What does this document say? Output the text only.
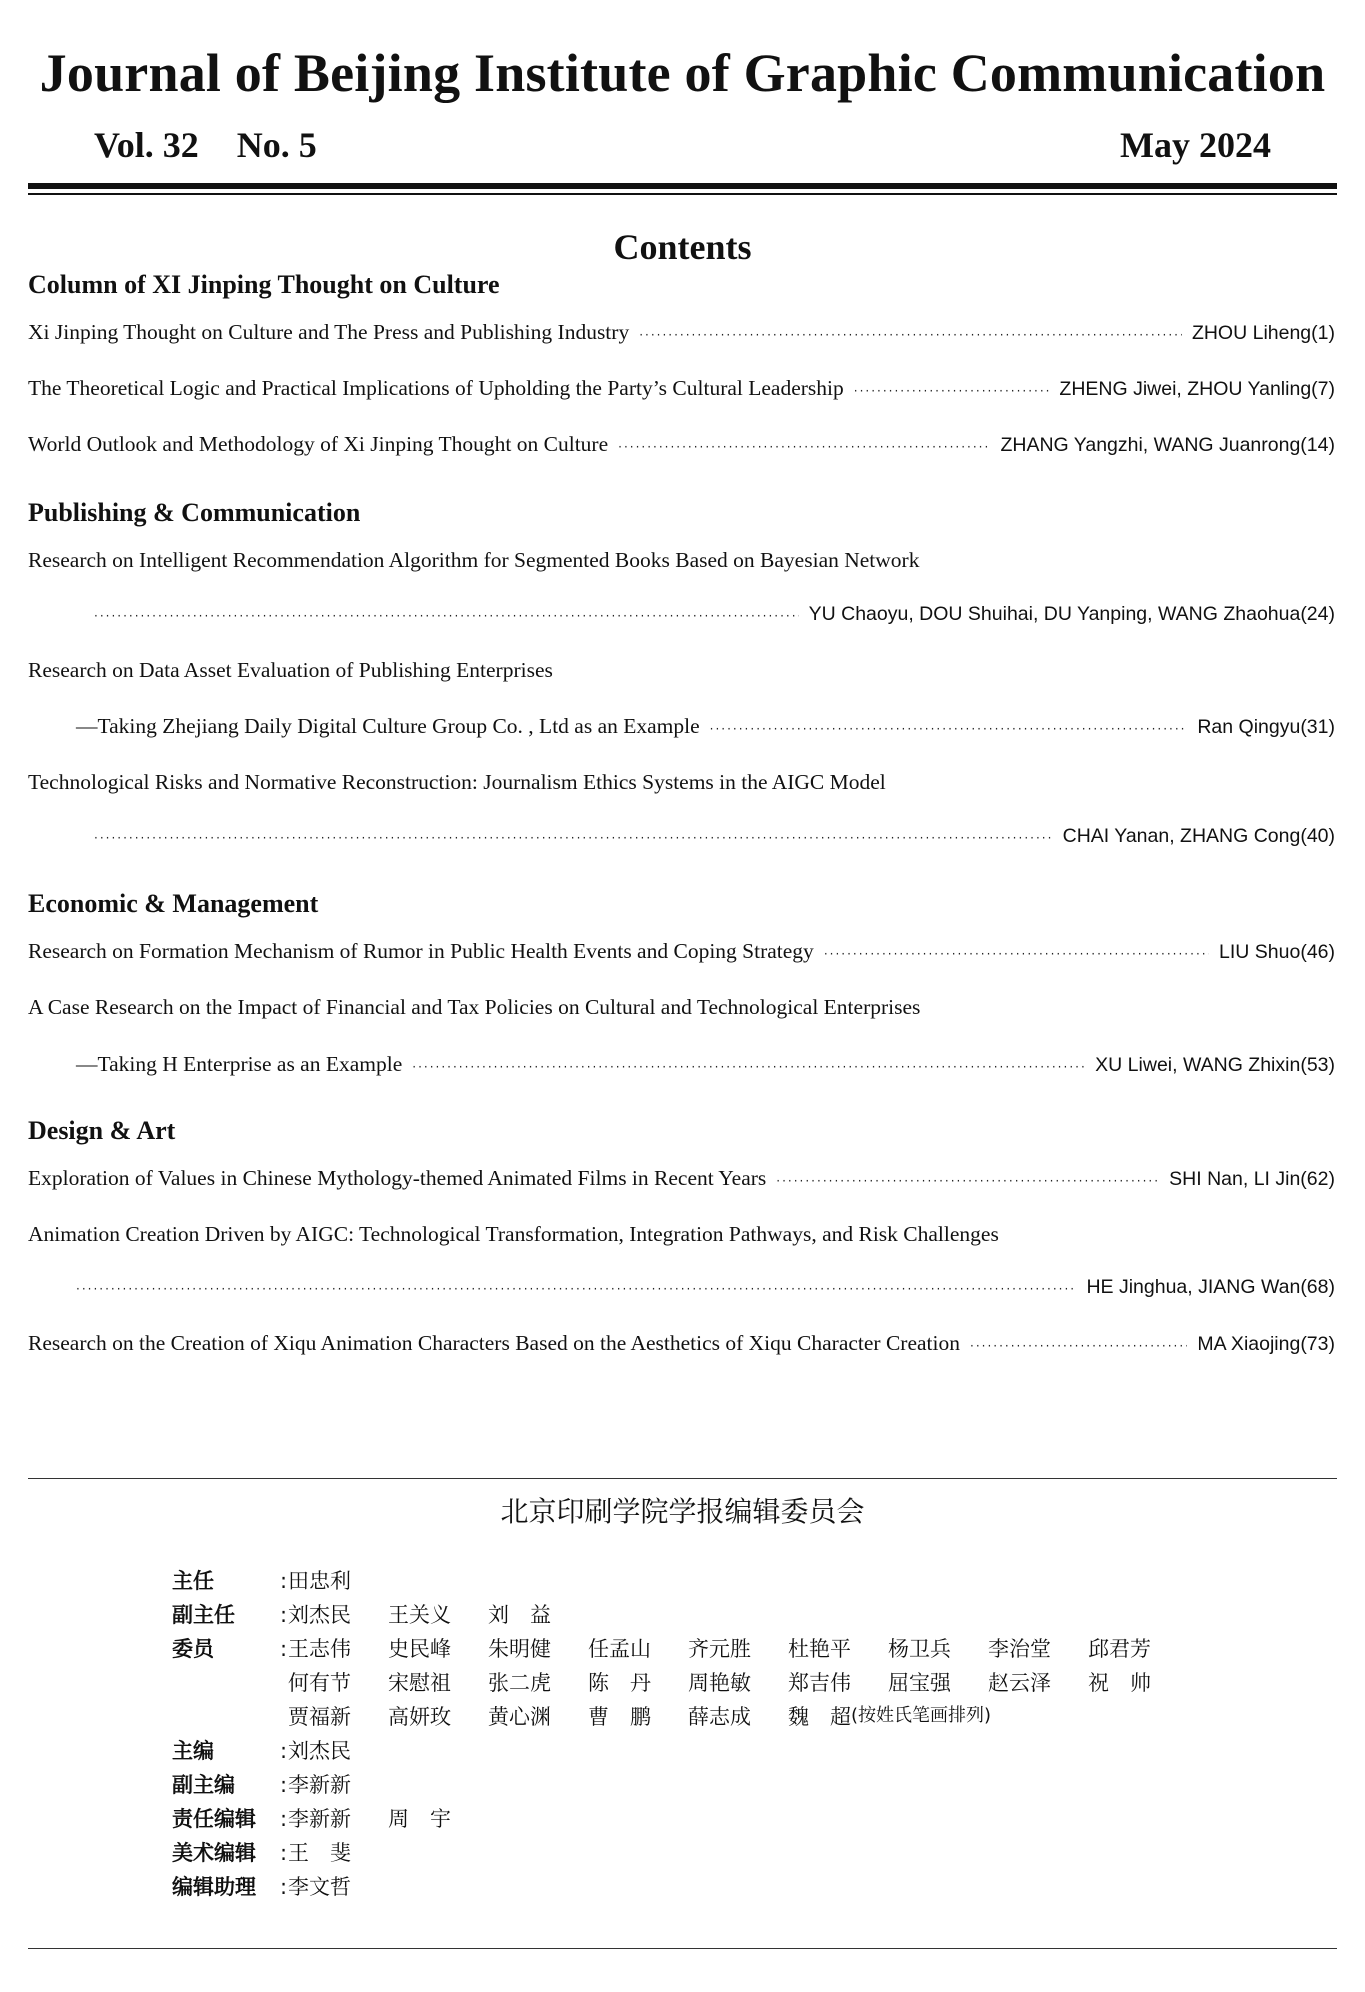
Journal of Beijing Institute of Graphic Communication
Vol. 32 No. 5	May 2024
Contents
Column of XI Jinping Thought on Culture
Xi Jinping Thought on Culture and The Press and Publishing Industry ·····	ZHOU Liheng(1)
The Theoretical Logic and Practical Implications of Upholding the Party’s Cultural Leadership ·····	ZHENG Jiwei, ZHOU Yanling(7)
World Outlook and Methodology of Xi Jinping Thought on Culture ·····	ZHANG Yangzhi, WANG Juanrong(14)
Publishing & Communication
Research on Intelligent Recommendation Algorithm for Segmented Books Based on Bayesian Network
·····
YU Chaoyu, DOU Shuihai, DU Yanping, WANG Zhaohua(24)
Research on Data Asset Evaluation of Publishing Enterprises
—Taking Zhejiang Daily Digital Culture Group Co. , Ltd as an Example ·····	Ran Qingyu(31)
Technological Risks and Normative Reconstruction: Journalism Ethics Systems in the AIGC Model
·····
CHAI Yanan, ZHANG Cong(40)
Economic & Management
Research on Formation Mechanism of Rumor in Public Health Events and Coping Strategy ·····	LIU Shuo(46)
A Case Research on the Impact of Financial and Tax Policies on Cultural and Technological Enterprises
—Taking H Enterprise as an Example ·····	XU Liwei, WANG Zhixin(53)
Design & Art
Exploration of Values in Chinese Mythology-themed Animated Films in Recent Years ·····	SHI Nan, LI Jin(62)
Animation Creation Driven by AIGC: Technological Transformation, Integration Pathways, and Risk Challenges
·····
HE Jinghua, JIANG Wan(68)
Research on the Creation of Xiqu Animation Characters Based on the Aesthetics of Xiqu Character Creation ·····	MA Xiaojing(73)
北京印刷学院学报编辑委员会
主任	: 田忠利
副主任	: 刘杰民	王关义	刘　益
委员	: 王志伟	史民峰	朱明健	任孟山	齐元胜	杜艳平	杨卫兵	李治堂	邱君芳
何有节	宋慰祖	张二虎	陈　丹	周艳敏	郑吉伟	屈宝强	赵云泽	祝　帅
贾福新	高妍玫	黄心渊	曹　鹏	薛志成	魏　超 (按姓氏笔画排列)
主编	: 刘杰民
副主编	: 李新新
责任编辑	: 李新新	周　宇
美术编辑	: 王　斐
编辑助理	: 李文哲
